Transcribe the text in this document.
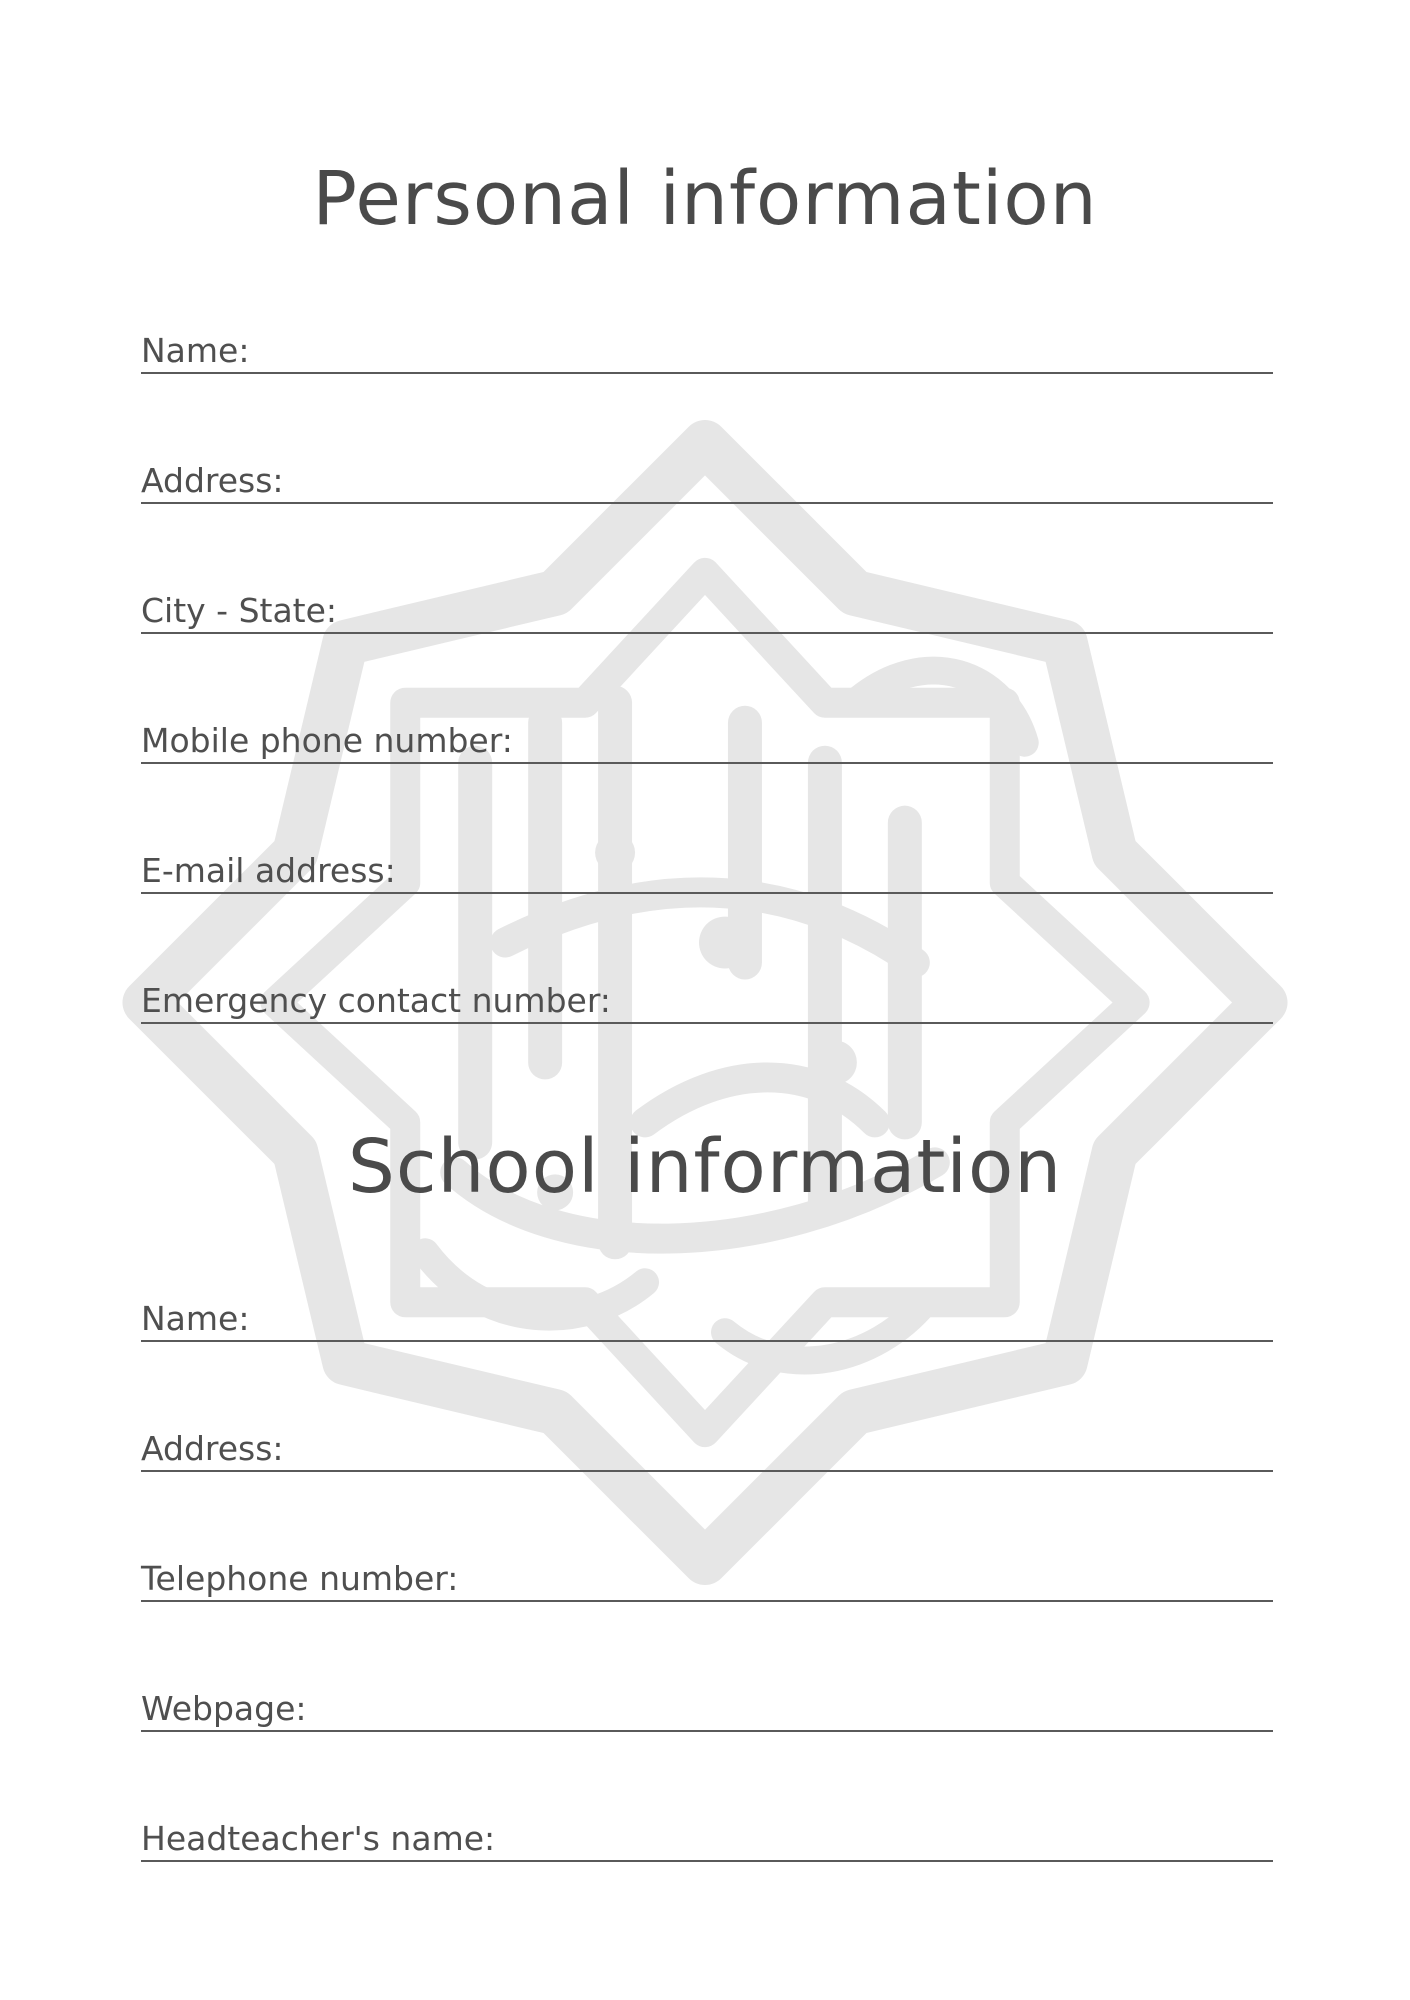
Personal information
Name:
Address:
City - State:
Mobile phone number:
E-mail address:
Emergency contact number:
School information
Name:
Address:
Telephone number:
Webpage:
Headteacher's name:
